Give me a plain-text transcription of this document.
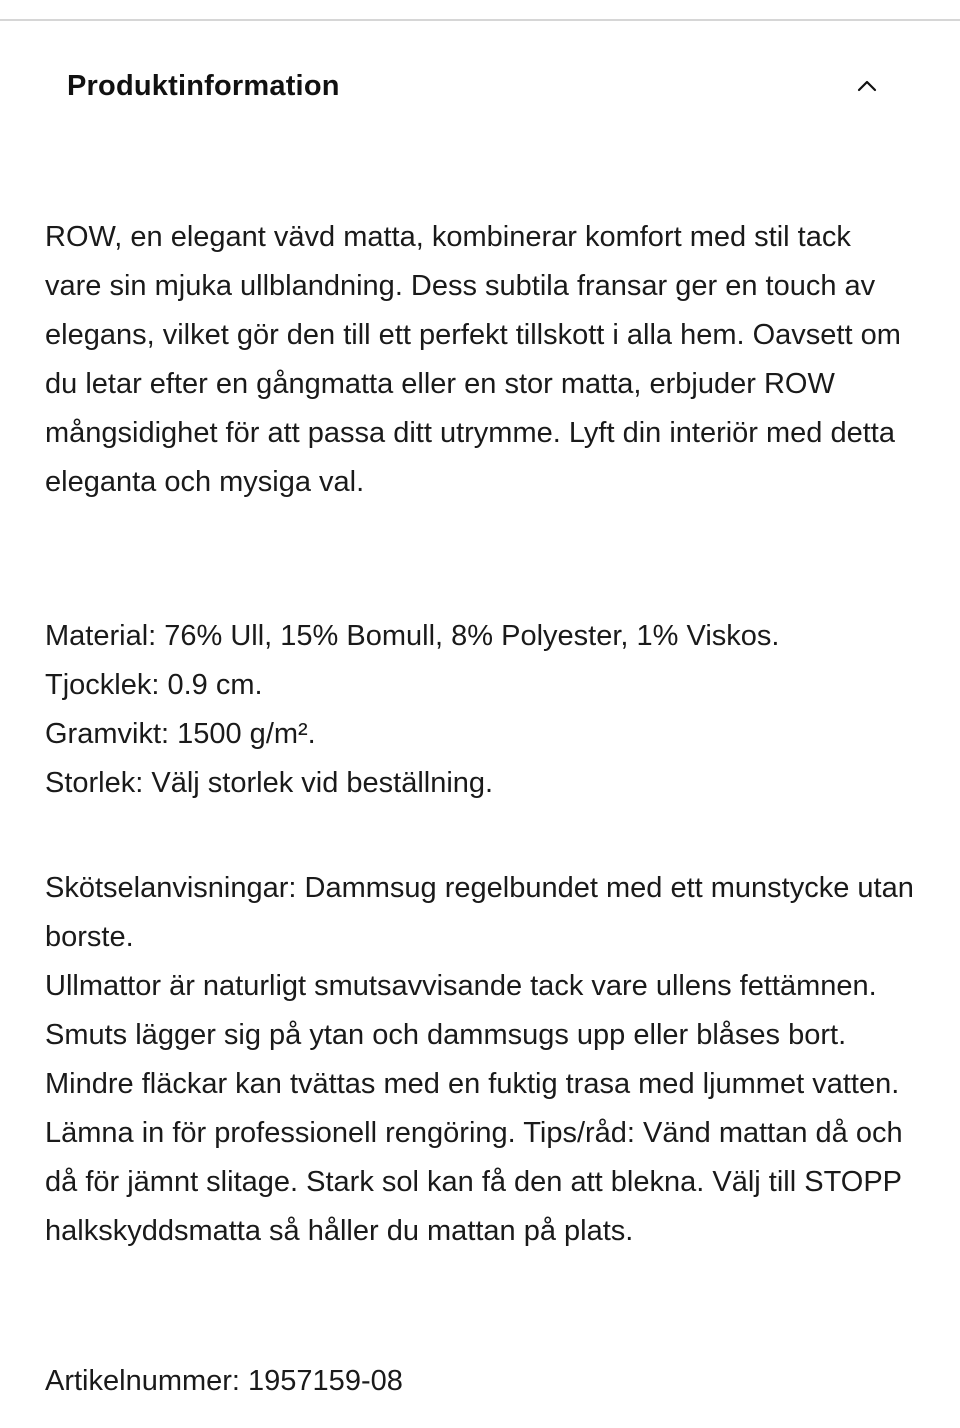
Produktinformation

ROW, en elegant vävd matta, kombinerar komfort med stil tack vare sin mjuka ullblandning. Dess subtila fransar ger en touch av elegans, vilket gör den till ett perfekt tillskott i alla hem. Oavsett om du letar efter en gångmatta eller en stor matta, erbjuder ROW mångsidighet för att passa ditt utrymme. Lyft din interiör med detta eleganta och mysiga val.

Material: 76% Ull, 15% Bomull, 8% Polyester, 1% Viskos.
Tjocklek: 0.9 cm.
Gramvikt: 1500 g/m².
Storlek: Välj storlek vid beställning.
Skötselanvisningar: Dammsug regelbundet med ett munstycke utan borste.
Ullmattor är naturligt smutsavvisande tack vare ullens fettämnen. Smuts lägger sig på ytan och dammsugs upp eller blåses bort. Mindre fläckar kan tvättas med en fuktig trasa med ljummet vatten. Lämna in för professionell rengöring. Tips/råd: Vänd mattan då och då för jämnt slitage. Stark sol kan få den att blekna. Välj till STOPP halkskyddsmatta så håller du mattan på plats.
Artikelnummer: 1957159-08
